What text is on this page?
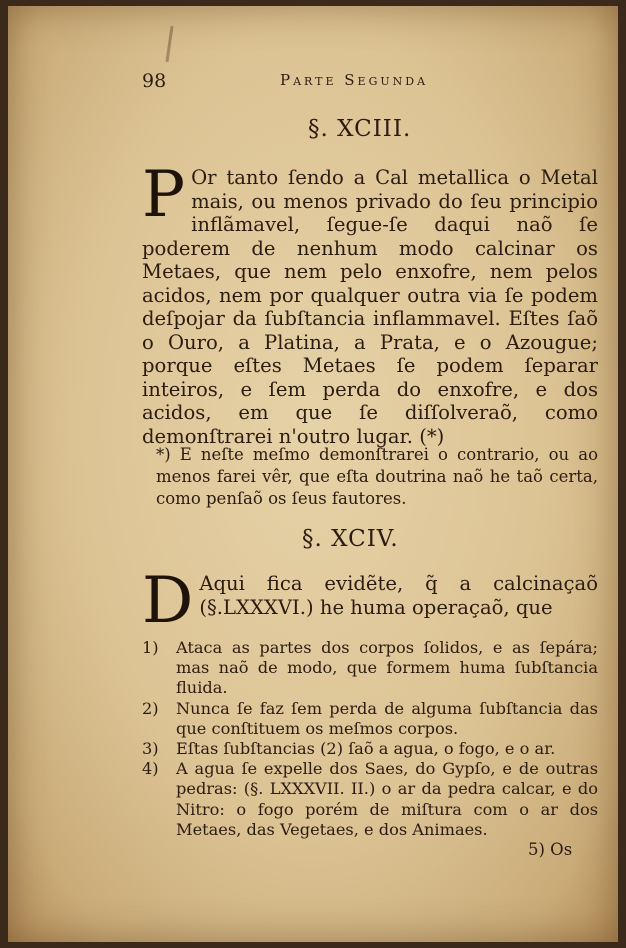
98	Parte Segunda
§. XCIII.
P Or tanto ſendo a Cal metallica o Metal mais, ou menos privado do ſeu principio inflãmavel, ſegue-ſe daqui naõ ſe poderem de nenhum modo calcinar os Metaes, que nem pelo enxofre, nem pelos acidos, nem por qualquer outra via ſe podem deſpojar da ſubſtancia inflammavel. Eſtes ſaõ o Ouro, a Platina, a Prata, e o Azougue; porque eſtes Metaes ſe podem ſeparar inteiros, e ſem perda do enxofre, e dos acidos, em que ſe diſſolveraõ, como demonſtrarei n'outro lugar. (*)
*) E neſte meſmo demonſtrarei o contrario, ou ao menos farei vêr, que eſta doutrina naõ he taõ certa, como penſaõ os ſeus fautores.
§. XCIV.
D Aqui fica evidẽte, q̃ a calcinaçaõ (§.LXXXVI.) he huma operaçaõ, que
1) Ataca as partes dos corpos ſolidos, e as ſepára; mas naõ de modo, que formem huma ſubſtancia fluida.
2) Nunca ſe faz ſem perda de alguma ſubſtancia das que conſtituem os meſmos corpos.
3) Eſtas ſubſtancias (2) ſaõ a agua, o fogo, e o ar.
4) A agua ſe expelle dos Saes, do Gypſo, e de outras pedras: (§. LXXXVII. II.) o ar da pedra calcar, e do Nitro: o fogo porém de miſtura com o ar dos Metaes, das Vegetaes, e dos Animaes.
5) Os
